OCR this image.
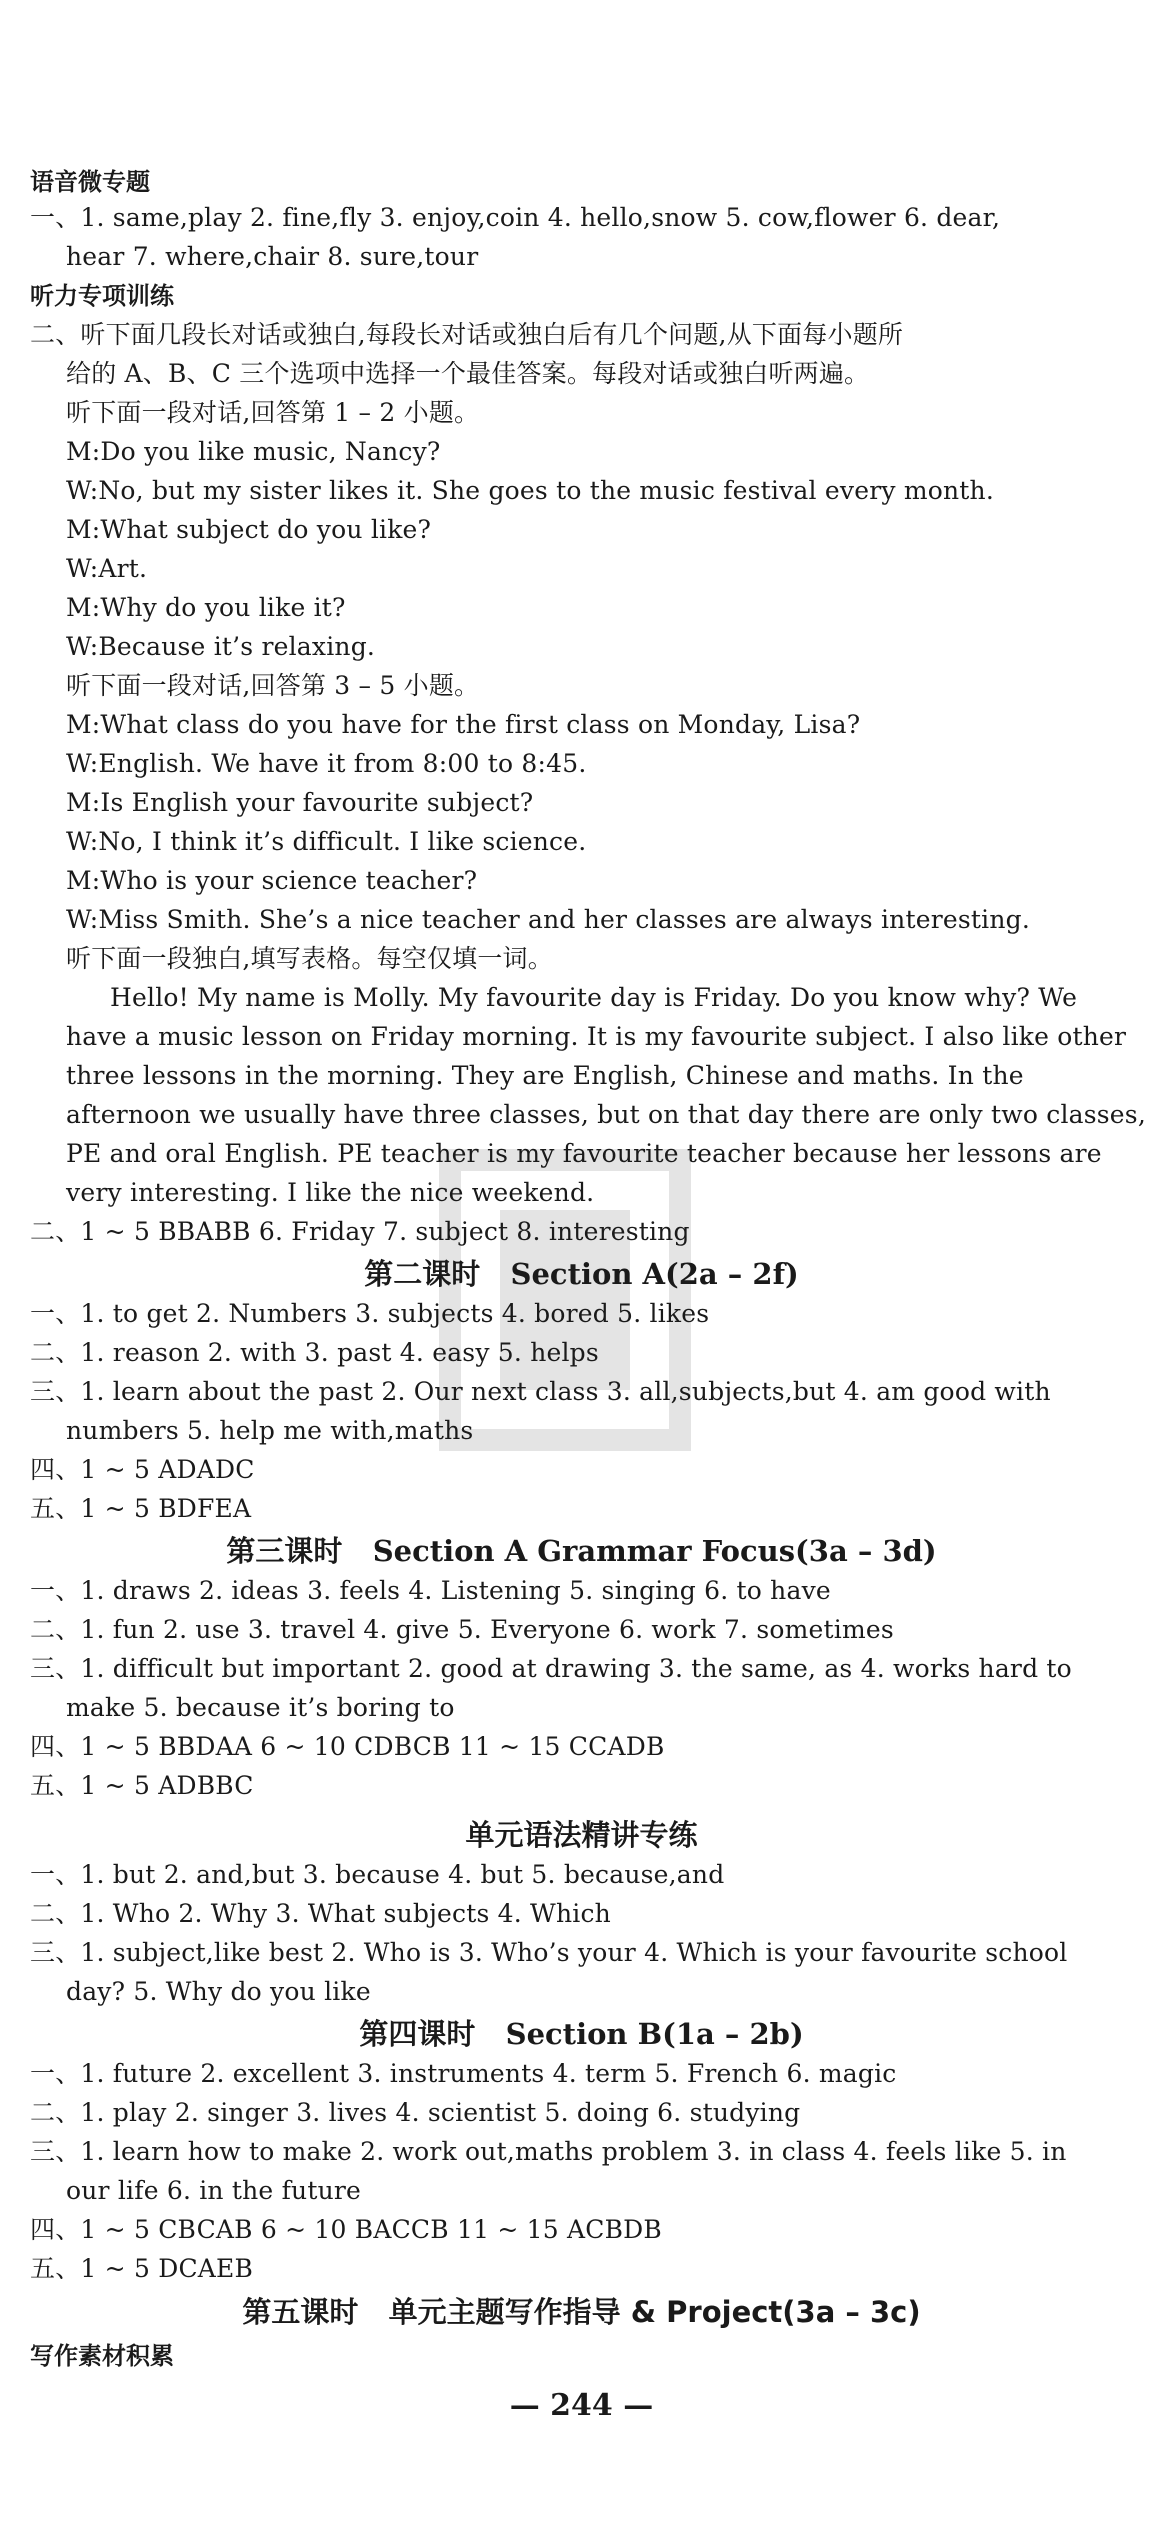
语音微专题
一、1. same,play 2. fine,fly 3. enjoy,coin 4. hello,snow 5. cow,flower 6. dear,
hear 7. where,chair 8. sure,tour
听力专项训练
二、听下面几段长对话或独白,每段长对话或独白后有几个问题,从下面每小题所
给的 A、B、C 三个选项中选择一个最佳答案。每段对话或独白听两遍。
听下面一段对话,回答第 1 – 2 小题。
M:Do you like music, Nancy?
W:No, but my sister likes it. She goes to the music festival every month.
M:What subject do you like?
W:Art.
M:Why do you like it?
W:Because it’s relaxing.
听下面一段对话,回答第 3 – 5 小题。
M:What class do you have for the first class on Monday, Lisa?
W:English. We have it from 8:00 to 8:45.
M:Is English your favourite subject?
W:No, I think it’s difficult. I like science.
M:Who is your science teacher?
W:Miss Smith. She’s a nice teacher and her classes are always interesting.
听下面一段独白,填写表格。每空仅填一词。
Hello! My name is Molly. My favourite day is Friday. Do you know why? We
have a music lesson on Friday morning. It is my favourite subject. I also like other
three lessons in the morning. They are English, Chinese and maths. In the
afternoon we usually have three classes, but on that day there are only two classes,
PE and oral English. PE teacher is my favourite teacher because her lessons are
very interesting. I like the nice weekend.
二、1 ~ 5 BBABB 6. Friday 7. subject 8. interesting
第二课时 Section A(2a – 2f)
一、1. to get 2. Numbers 3. subjects 4. bored 5. likes
二、1. reason 2. with 3. past 4. easy 5. helps
三、1. learn about the past 2. Our next class 3. all,subjects,but 4. am good with
numbers 5. help me with,maths
四、1 ~ 5 ADADC
五、1 ~ 5 BDFEA
第三课时 Section A Grammar Focus(3a – 3d)
一、1. draws 2. ideas 3. feels 4. Listening 5. singing 6. to have
二、1. fun 2. use 3. travel 4. give 5. Everyone 6. work 7. sometimes
三、1. difficult but important 2. good at drawing 3. the same, as 4. works hard to
make 5. because it’s boring to
四、1 ~ 5 BBDAA 6 ~ 10 CDBCB 11 ~ 15 CCADB
五、1 ~ 5 ADBBC
单元语法精讲专练
一、1. but 2. and,but 3. because 4. but 5. because,and
二、1. Who 2. Why 3. What subjects 4. Which
三、1. subject,like best 2. Who is 3. Who’s your 4. Which is your favourite school
day? 5. Why do you like
第四课时 Section B(1a – 2b)
一、1. future 2. excellent 3. instruments 4. term 5. French 6. magic
二、1. play 2. singer 3. lives 4. scientist 5. doing 6. studying
三、1. learn how to make 2. work out,maths problem 3. in class 4. feels like 5. in
our life 6. in the future
四、1 ~ 5 CBCAB 6 ~ 10 BACCB 11 ~ 15 ACBDB
五、1 ~ 5 DCAEB
第五课时 单元主题写作指导 & Project(3a – 3c)
写作素材积累
— 244 —
